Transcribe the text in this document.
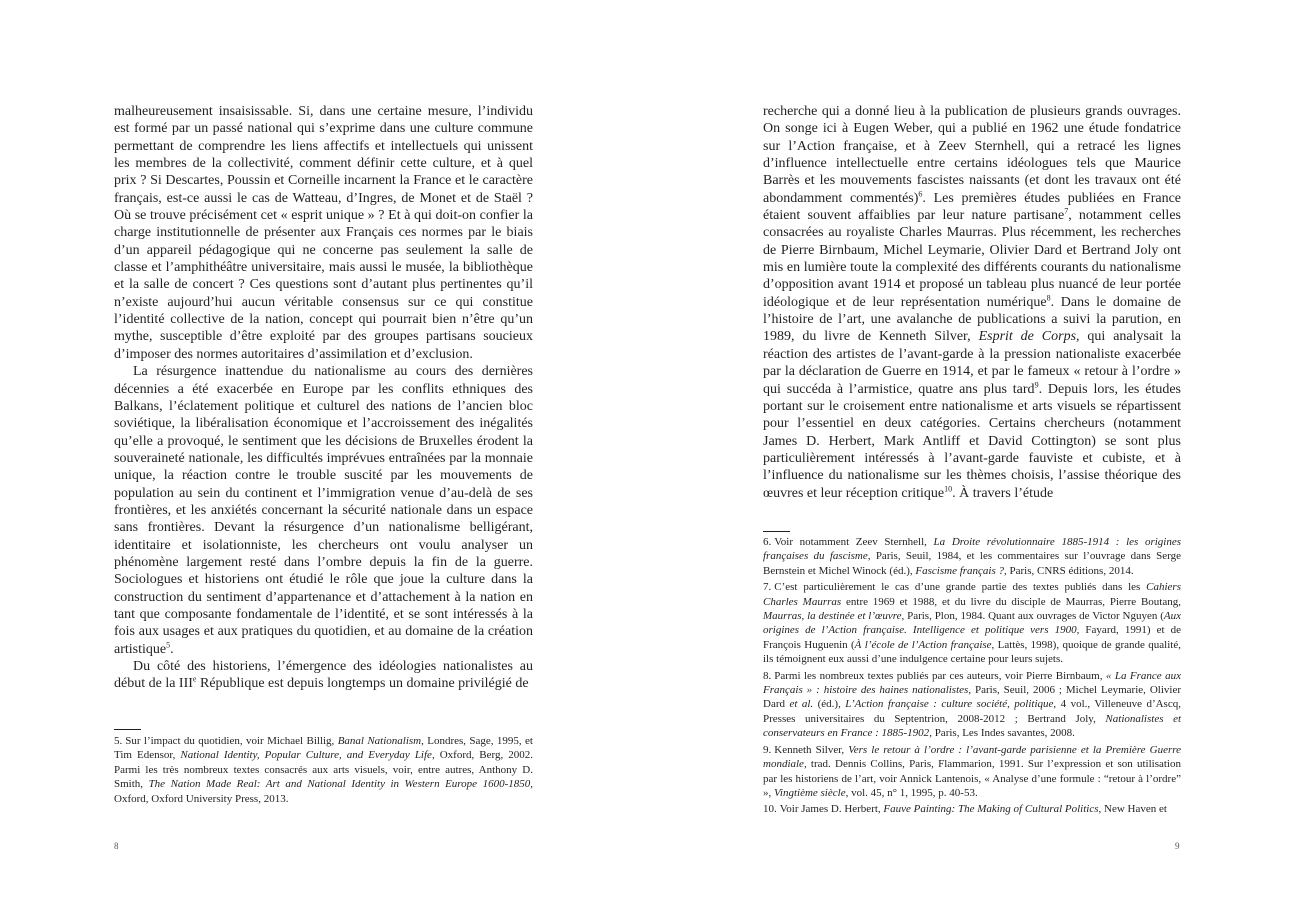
malheureusement insaisissable. Si, dans une certaine mesure, l’individu est formé par un passé national qui s’exprime dans une culture commune permettant de comprendre les liens affectifs et intellectuels qui unissent les membres de la collectivité, comment définir cette culture, et à quel prix ? Si Descartes, Poussin et Corneille incarnent la France et le caractère français, est-ce aussi le cas de Watteau, d’Ingres, de Monet et de Staël ? Où se trouve précisément cet « esprit unique » ? Et à qui doit-on confier la charge institutionnelle de présenter aux Français ces normes par le biais d’un appareil pédagogique qui ne concerne pas seulement la salle de classe et l’amphithéâtre universitaire, mais aussi le musée, la bibliothèque et la salle de concert ? Ces questions sont d’autant plus pertinentes qu’il n’existe aujourd’hui aucun véritable consensus sur ce qui constitue l’identité collective de la nation, concept qui pourrait bien n’être qu’un mythe, susceptible d’être exploité par des groupes partisans soucieux d’imposer des normes autoritaires d’assimilation et d’exclusion.

La résurgence inattendue du nationalisme au cours des dernières décennies a été exacerbée en Europe par les conflits ethniques des Balkans, l’éclatement politique et culturel des nations de l’ancien bloc soviétique, la libéralisation économique et l’accroissement des inégalités qu’elle a provoqué, le sentiment que les décisions de Bruxelles érodent la souveraineté nationale, les difficultés imprévues entraînées par la monnaie unique, la réaction contre le trouble suscité par les mouvements de population au sein du continent et l’immigration venue d’au-delà de ses frontières, et les anxiétés concernant la sécurité nationale dans un espace sans frontières. Devant la résurgence d’un nationalisme belligérant, identitaire et isolationniste, les chercheurs ont voulu analyser un phénomène largement resté dans l’ombre depuis la fin de la guerre. Sociologues et historiens ont étudié le rôle que joue la culture dans la construction du sentiment d’appartenance et d’attachement à la nation en tant que composante fondamentale de l’identité, et se sont intéressés à la fois aux usages et aux pratiques du quotidien, et au domaine de la création artistique$^5$.

Du côté des historiens, l’émergence des idéologies nationalistes au début de la IIIe République est depuis longtemps un domaine privilégié de

5. Sur l’impact du quotidien, voir Michael Billig, Banal Nationalism, Londres, Sage, 1995, et Tim Edensor, National Identity, Popular Culture, and Everyday Life, Oxford, Berg, 2002. Parmi les très nombreux textes consacrés aux arts visuels, voir, entre autres, Anthony D. Smith, The Nation Made Real: Art and National Identity in Western Europe 1600-1850, Oxford, Oxford University Press, 2013.

8

recherche qui a donné lieu à la publication de plusieurs grands ouvrages. On songe ici à Eugen Weber, qui a publié en 1962 une étude fondatrice sur l’Action française, et à Zeev Sternhell, qui a retracé les lignes d’influence intellectuelle entre certains idéologues tels que Maurice Barrès et les mouvements fascistes naissants (et dont les travaux ont été abondamment commentés)$^6$. Les premières études publiées en France étaient souvent affaiblies par leur nature partisane$^7$, notamment celles consacrées au royaliste Charles Maurras. Plus récemment, les recherches de Pierre Birnbaum, Michel Leymarie, Olivier Dard et Bertrand Joly ont mis en lumière toute la complexité des différents courants du nationalisme d’opposition avant 1914 et proposé un tableau plus nuancé de leur portée idéologique et de leur représentation numérique$^8$. Dans le domaine de l’histoire de l’art, une avalanche de publications a suivi la parution, en 1989, du livre de Kenneth Silver, Esprit de Corps, qui analysait la réaction des artistes de l’avant-garde à la pression nationaliste exacerbée par la déclaration de Guerre en 1914, et par le fameux « retour à l’ordre » qui succéda à l’armistice, quatre ans plus tard$^9$. Depuis lors, les études portant sur le croisement entre nationalisme et arts visuels se répartissent pour l’essentiel en deux catégories. Certains chercheurs (notamment James D. Herbert, Mark Antliff et David Cottington) se sont plus particulièrement intéressés à l’avant-garde fauviste et cubiste, et à l’influence du nationalisme sur les thèmes choisis, l’assise théorique des œuvres et leur réception critique$^{10}$. À travers l’étude

6. Voir notamment Zeev Sternhell, La Droite révolutionnaire 1885-1914 : les origines françaises du fascisme, Paris, Seuil, 1984, et les commentaires sur l’ouvrage dans Serge Bernstein et Michel Winock (éd.), Fascisme français ?, Paris, CNRS éditions, 2014.

7. C’est particulièrement le cas d’une grande partie des textes publiés dans les Cahiers Charles Maurras entre 1969 et 1988, et du livre du disciple de Maurras, Pierre Boutang, Maurras, la destinée et l’œuvre, Paris, Plon, 1984. Quant aux ouvrages de Victor Nguyen (Aux origines de l’Action française. Intelligence et politique vers 1900, Fayard, 1991) et de François Huguenin (À l’école de l’Action française, Lattès, 1998), quoique de grande qualité, ils témoignent eux aussi d’une indulgence certaine pour leurs sujets.

8. Parmi les nombreux textes publiés par ces auteurs, voir Pierre Birnbaum, « La France aux Français » : histoire des haines nationalistes, Paris, Seuil, 2006 ; Michel Leymarie, Olivier Dard et al. (éd.), L’Action française : culture société, politique, 4 vol., Villeneuve d’Ascq, Presses universitaires du Septentrion, 2008-2012 ; Bertrand Joly, Nationalistes et conservateurs en France : 1885-1902, Paris, Les Indes savantes, 2008.

9. Kenneth Silver, Vers le retour à l’ordre : l’avant-garde parisienne et la Première Guerre mondiale, trad. Dennis Collins, Paris, Flammarion, 1991. Sur l’expression et son utilisation par les historiens de l’art, voir Annick Lantenois, « Analyse d’une formule : “retour à l’ordre” », Vingtième siècle, vol. 45, n° 1, 1995, p. 40-53.

10. Voir James D. Herbert, Fauve Painting: The Making of Cultural Politics, New Haven et

9
